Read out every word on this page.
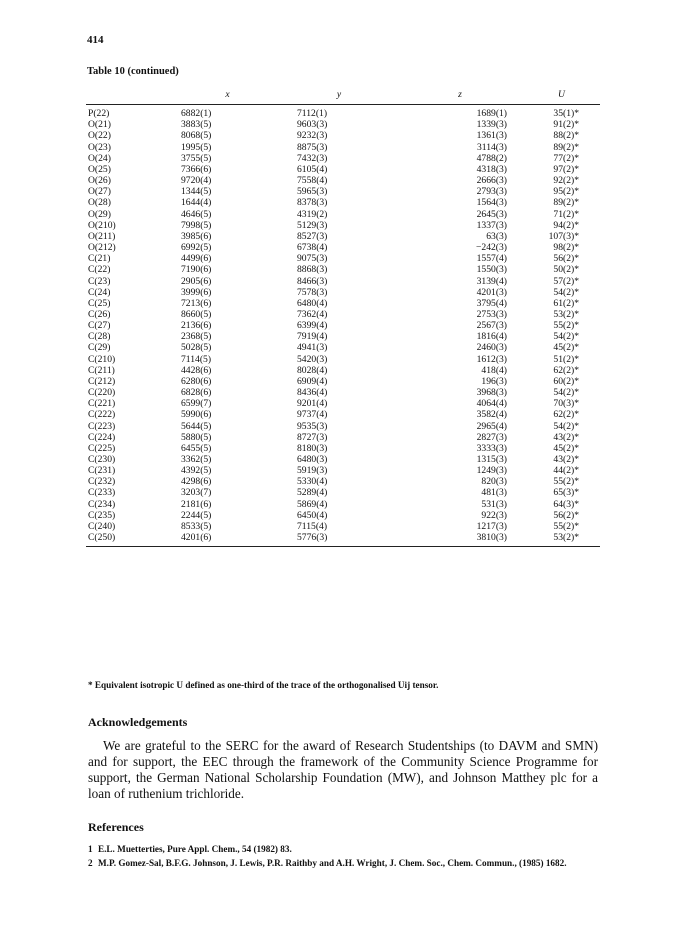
414
Table 10 (continued)
	x	y	z	U
P(22)	6882(1)	7112(1)	1689(1)	35(1)*
O(21)	3883(5)	9603(3)	1339(3)	91(2)*
O(22)	8068(5)	9232(3)	1361(3)	88(2)*
O(23)	1995(5)	8875(3)	3114(3)	89(2)*
O(24)	3755(5)	7432(3)	4788(2)	77(2)*
O(25)	7366(6)	6105(4)	4318(3)	97(2)*
O(26)	9720(4)	7558(4)	2666(3)	92(2)*
O(27)	1344(5)	5965(3)	2793(3)	95(2)*
O(28)	1644(4)	8378(3)	1564(3)	89(2)*
O(29)	4646(5)	4319(2)	2645(3)	71(2)*
O(210)	7998(5)	5129(3)	1337(3)	94(2)*
O(211)	3985(6)	8527(3)	63(3)	107(3)*
O(212)	6992(5)	6738(4)	−242(3)	98(2)*
C(21)	4499(6)	9075(3)	1557(4)	56(2)*
C(22)	7190(6)	8868(3)	1550(3)	50(2)*
C(23)	2905(6)	8466(3)	3139(4)	57(2)*
C(24)	3999(6)	7578(3)	4201(3)	54(2)*
C(25)	7213(6)	6480(4)	3795(4)	61(2)*
C(26)	8660(5)	7362(4)	2753(3)	53(2)*
C(27)	2136(6)	6399(4)	2567(3)	55(2)*
C(28)	2368(5)	7919(4)	1816(4)	54(2)*
C(29)	5028(5)	4941(3)	2460(3)	45(2)*
C(210)	7114(5)	5420(3)	1612(3)	51(2)*
C(211)	4428(6)	8028(4)	418(4)	62(2)*
C(212)	6280(6)	6909(4)	196(3)	60(2)*
C(220)	6828(6)	8436(4)	3968(3)	54(2)*
C(221)	6599(7)	9201(4)	4064(4)	70(3)*
C(222)	5990(6)	9737(4)	3582(4)	62(2)*
C(223)	5644(5)	9535(3)	2965(4)	54(2)*
C(224)	5880(5)	8727(3)	2827(3)	43(2)*
C(225)	6455(5)	8180(3)	3333(3)	45(2)*
C(230)	3362(5)	6480(3)	1315(3)	43(2)*
C(231)	4392(5)	5919(3)	1249(3)	44(2)*
C(232)	4298(6)	5330(4)	820(3)	55(2)*
C(233)	3203(7)	5289(4)	481(3)	65(3)*
C(234)	2181(6)	5869(4)	531(3)	64(3)*
C(235)	2244(5)	6450(4)	922(3)	56(2)*
C(240)	8533(5)	7115(4)	1217(3)	55(2)*
C(250)	4201(6)	5776(3)	3810(3)	53(2)*
* Equivalent isotropic U defined as one-third of the trace of the orthogonalised Uij tensor.
Acknowledgements

We are grateful to the SERC for the award of Research Studentships (to DAVM and SMN) and for support, the EEC through the framework of the Community Science Programme for support, the German National Scholarship Foundation (MW), and Johnson Matthey plc for a loan of ruthenium trichloride.

References
1 E.L. Muetterties, Pure Appl. Chem., 54 (1982) 83.
2 M.P. Gomez-Sal, B.F.G. Johnson, J. Lewis, P.R. Raithby and A.H. Wright, J. Chem. Soc., Chem. Commun., (1985) 1682.
